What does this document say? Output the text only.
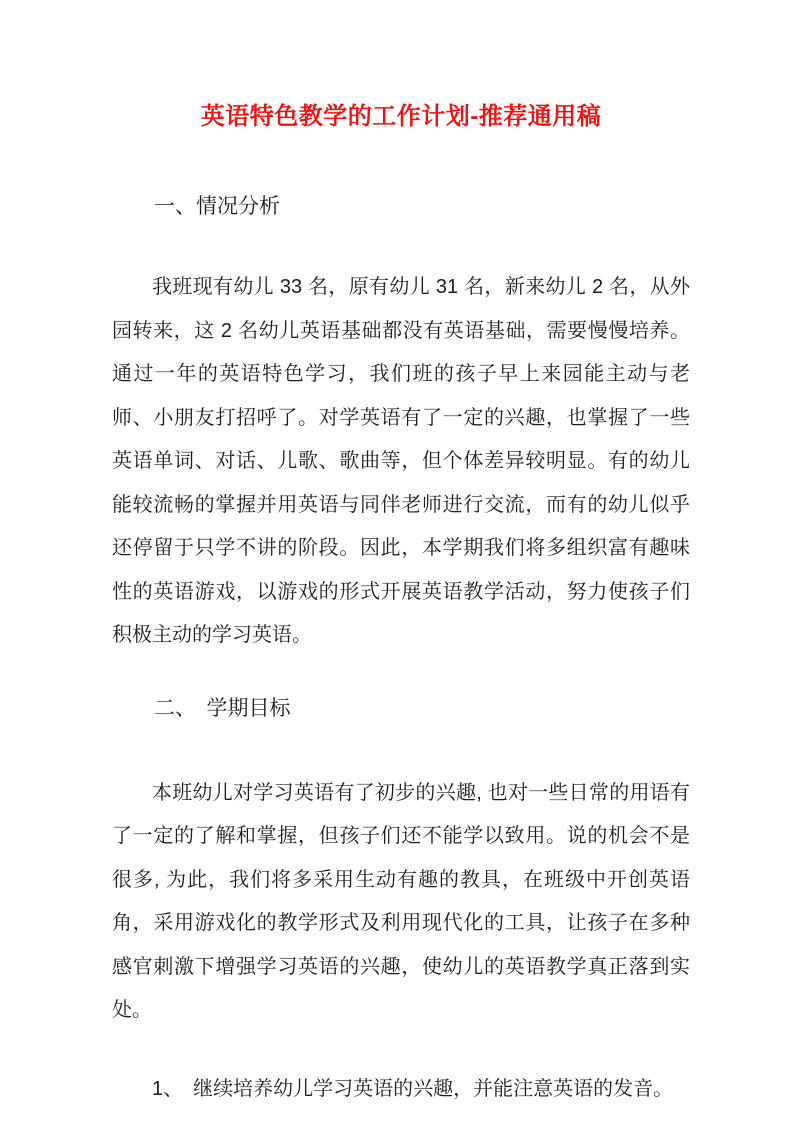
英语特色教学的工作计划-推荐通用稿
一、情况分析

我班现有幼儿 33 名，原有幼儿 31 名，新来幼儿 2 名，从外园转来，这 2 名幼儿英语基础都没有英语基础，需要慢慢培养。通过一年的英语特色学习，我们班的孩子早上来园能主动与老师、小朋友打招呼了。对学英语有了一定的兴趣，也掌握了一些英语单词、对话、儿歌、歌曲等，但个体差异较明显。有的幼儿能较流畅的掌握并用英语与同伴老师进行交流，而有的幼儿似乎还停留于只学不讲的阶段。因此，本学期我们将多组织富有趣味性的英语游戏，以游戏的形式开展英语教学活动，努力使孩子们积极主动的学习英语。

二、　学期目标

本班幼儿对学习英语有了初步的兴趣, 也对一些日常的用语有了一定的了解和掌握，但孩子们还不能学以致用。说的机会不是很多, 为此，我们将多采用生动有趣的教具，在班级中开创英语角，采用游戏化的教学形式及利用现代化的工具，让孩子在多种感官刺激下增强学习英语的兴趣，使幼儿的英语教学真正落到实处。

1、　继续培养幼儿学习英语的兴趣，并能注意英语的发音。
